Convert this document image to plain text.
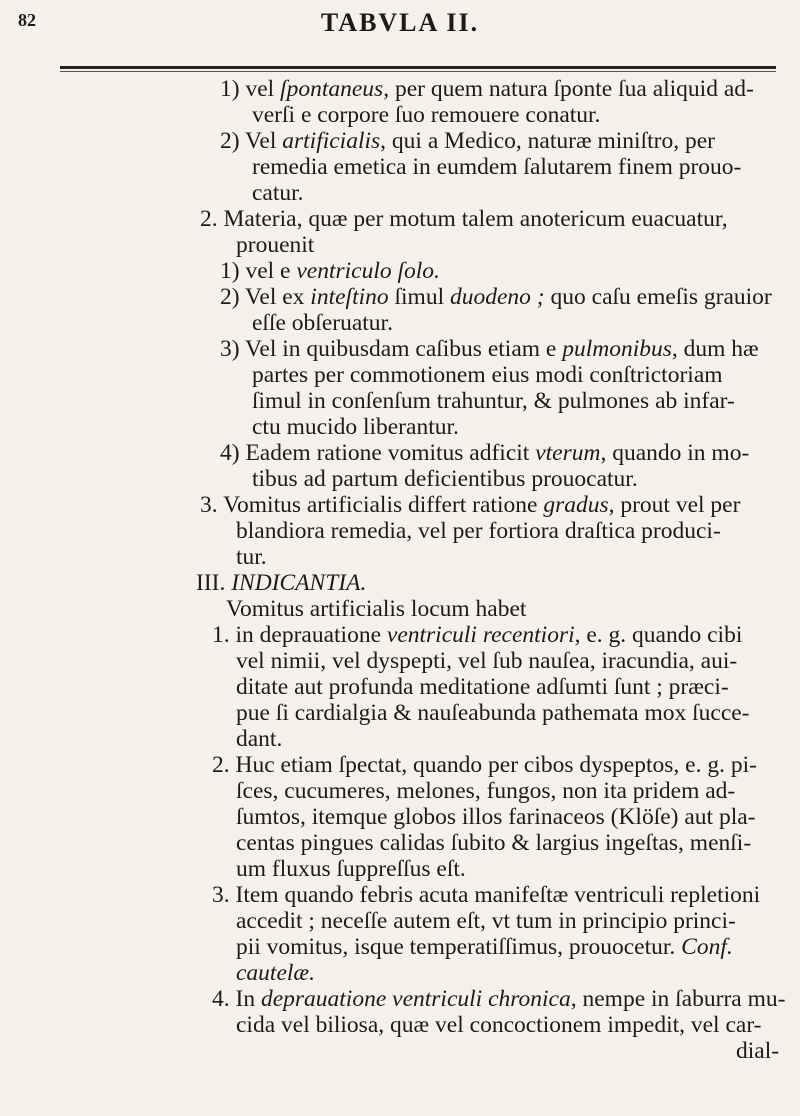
82	TABVLA II.
1) vel ſpontaneus, per quem natura ſponte ſua aliquid ad-
verſi e corpore ſuo remouere conatur.
2) Vel artificialis, qui a Medico, naturæ miniſtro, per
remedia emetica in eumdem ſalutarem finem prouo-
catur.
2. Materia, quæ per motum talem anotericum euacuatur,
prouenit
1) vel e ventriculo ſolo.
2) Vel ex inteſtino ſimul duodeno ; quo caſu emeſis grauior
eſſe obſeruatur.
3) Vel in quibusdam caſibus etiam e pulmonibus, dum hæ
partes per commotionem eius modi conſtrictoriam
ſimul in conſenſum trahuntur, & pulmones ab infar-
ctu mucido liberantur.
4) Eadem ratione vomitus adficit vterum, quando in mo-
tibus ad partum deficientibus prouocatur.
3. Vomitus artificialis differt ratione gradus, prout vel per
blandiora remedia, vel per fortiora draſtica produci-
tur.
III. INDICANTIA.
Vomitus artificialis locum habet
1. in deprauatione ventriculi recentiori, e. g. quando cibi
vel nimii, vel dyspepti, vel ſub nauſea, iracundia, aui-
ditate aut profunda meditatione adſumti ſunt ; præci-
pue ſi cardialgia & nauſeabunda pathemata mox ſucce-
dant.
2. Huc etiam ſpectat, quando per cibos dyspeptos, e. g. pi-
ſces, cucumeres, melones, fungos, non ita pridem ad-
ſumtos, itemque globos illos farinaceos (Klöſe) aut pla-
centas pingues calidas ſubito & largius ingeſtas, menſi-
um fluxus ſuppreſſus eſt.
3. Item quando febris acuta manifeſtæ ventriculi repletioni
accedit ; neceſſe autem eſt, vt tum in principio princi-
pii vomitus, isque temperatiſſimus, prouocetur. Conf.
cautelæ.
4. In deprauatione ventriculi chronica, nempe in ſaburra mu-
cida vel biliosa, quæ vel concoctionem impedit, vel car-
dial-
